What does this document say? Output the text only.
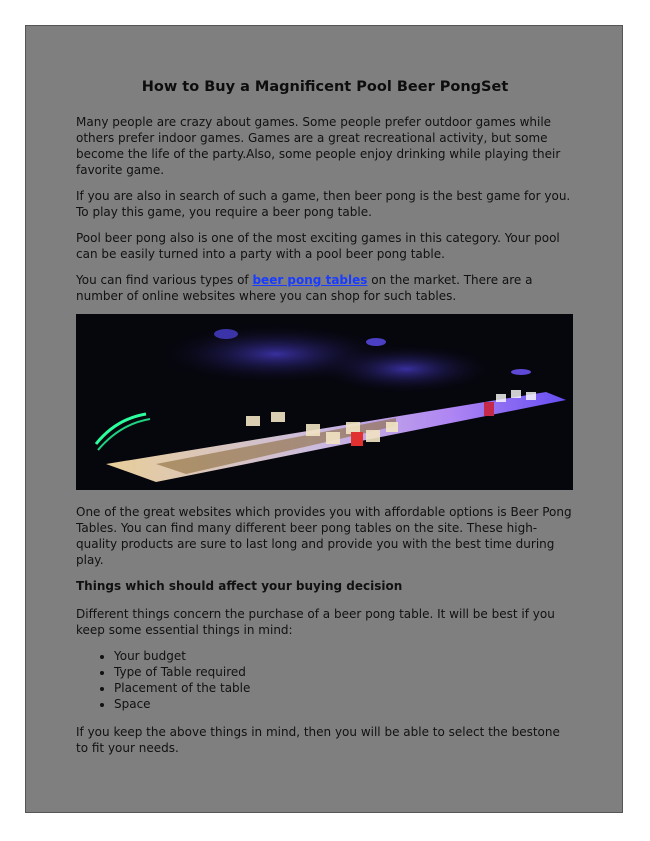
How to Buy a Magnificent Pool Beer PongSet

Many people are crazy about games. Some people prefer outdoor games while others prefer indoor games. Games are a great recreational activity, but some become the life of the party.Also, some people enjoy drinking while playing their favorite game.

If you are also in search of such a game, then beer pong is the best game for you. To play this game, you require a beer pong table.

Pool beer pong also is one of the most exciting games in this category. Your pool can be easily turned into a party with a pool beer pong table.

You can find various types of beer pong tables on the market. There are a number of online websites where you can shop for such tables.

One of the great websites which provides you with affordable options is Beer Pong Tables. You can find many different beer pong tables on the site. These high-quality products are sure to last long and provide you with the best time during play.

Things which should affect your buying decision

Different things concern the purchase of a beer pong table. It will be best if you keep some essential things in mind:

• Your budget
• Type of Table required
• Placement of the table
• Space

If you keep the above things in mind, then you will be able to select the bestone to fit your needs.
